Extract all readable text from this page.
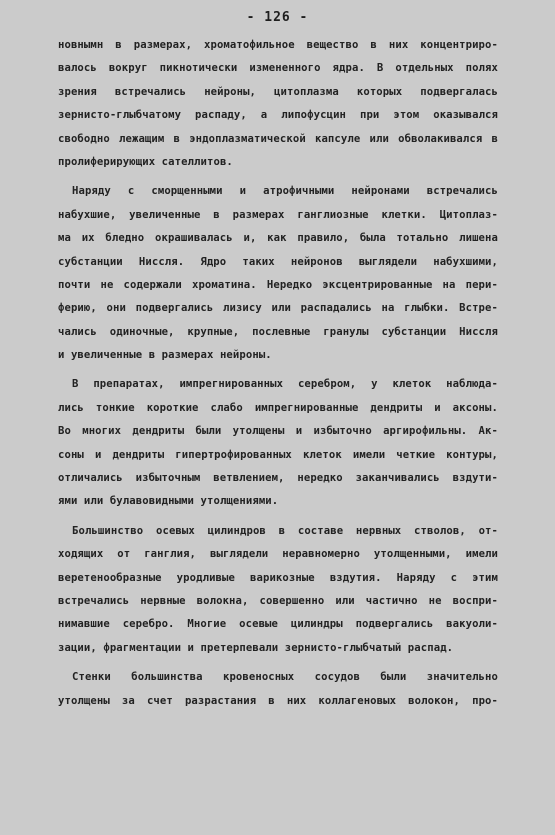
- 126 -
новнымн в размерах, хроматофильное вещество в них концентриро-
валось вокруг пикнотически измененного ядра. В отдельных полях
зрения встречались нейроны, цитоплазма которых подвергалась
зернисто-глыбчатому распаду, а липофусцин при этом оказывался
свободно лежащим в эндоплазматической капсуле или обволакивался в
пролиферирующих сателлитов.
Наряду с сморщенными и атрофичными нейронами встречались
набухшие, увеличенные в размерах ганглиозные клетки. Цитоплаз-
ма их бледно окрашивалась и, как правило, была тотально лишена
субстанции Ниссля. Ядро таких нейронов выглядели набухшими,
почти не содержали хроматина. Нередко эксцентрированные на пери-
ферию, они подвергались лизису или распадались на глыбки. Встре-
чались одиночные, крупные, послевные гранулы субстанции Ниссля
и увеличенные в размерах нейроны.
В препаратах, импрегнированных серебром, у клеток наблюда-
лись тонкие короткие слабо импрегнированные дендриты и аксоны.
Во многих дендриты были утолщены и избыточно аргирофильны. Ак-
соны и дендриты гипертрофированных клеток имели четкие контуры,
отличались избыточным ветвлением, нередко заканчивались вздути-
ями или булавовидными утолщениями.
Большинство осевых цилиндров в составе нервных стволов, от-
ходящих от ганглия, выглядели неравномерно утолщенными, имели
веретенообразные уродливые варикозные вздутия. Наряду с этим
встречались нервные волокна, совершенно или частично не воспри-
нимавшие серебро. Многие осевые цилиндры подвергались вакуоли-
зации, фрагментации и претерпевали зернисто-глыбчатый распад.
Стенки большинства кровеносных сосудов были значительно
утолщены за счет разрастания в них коллагеновых волокон, про-
